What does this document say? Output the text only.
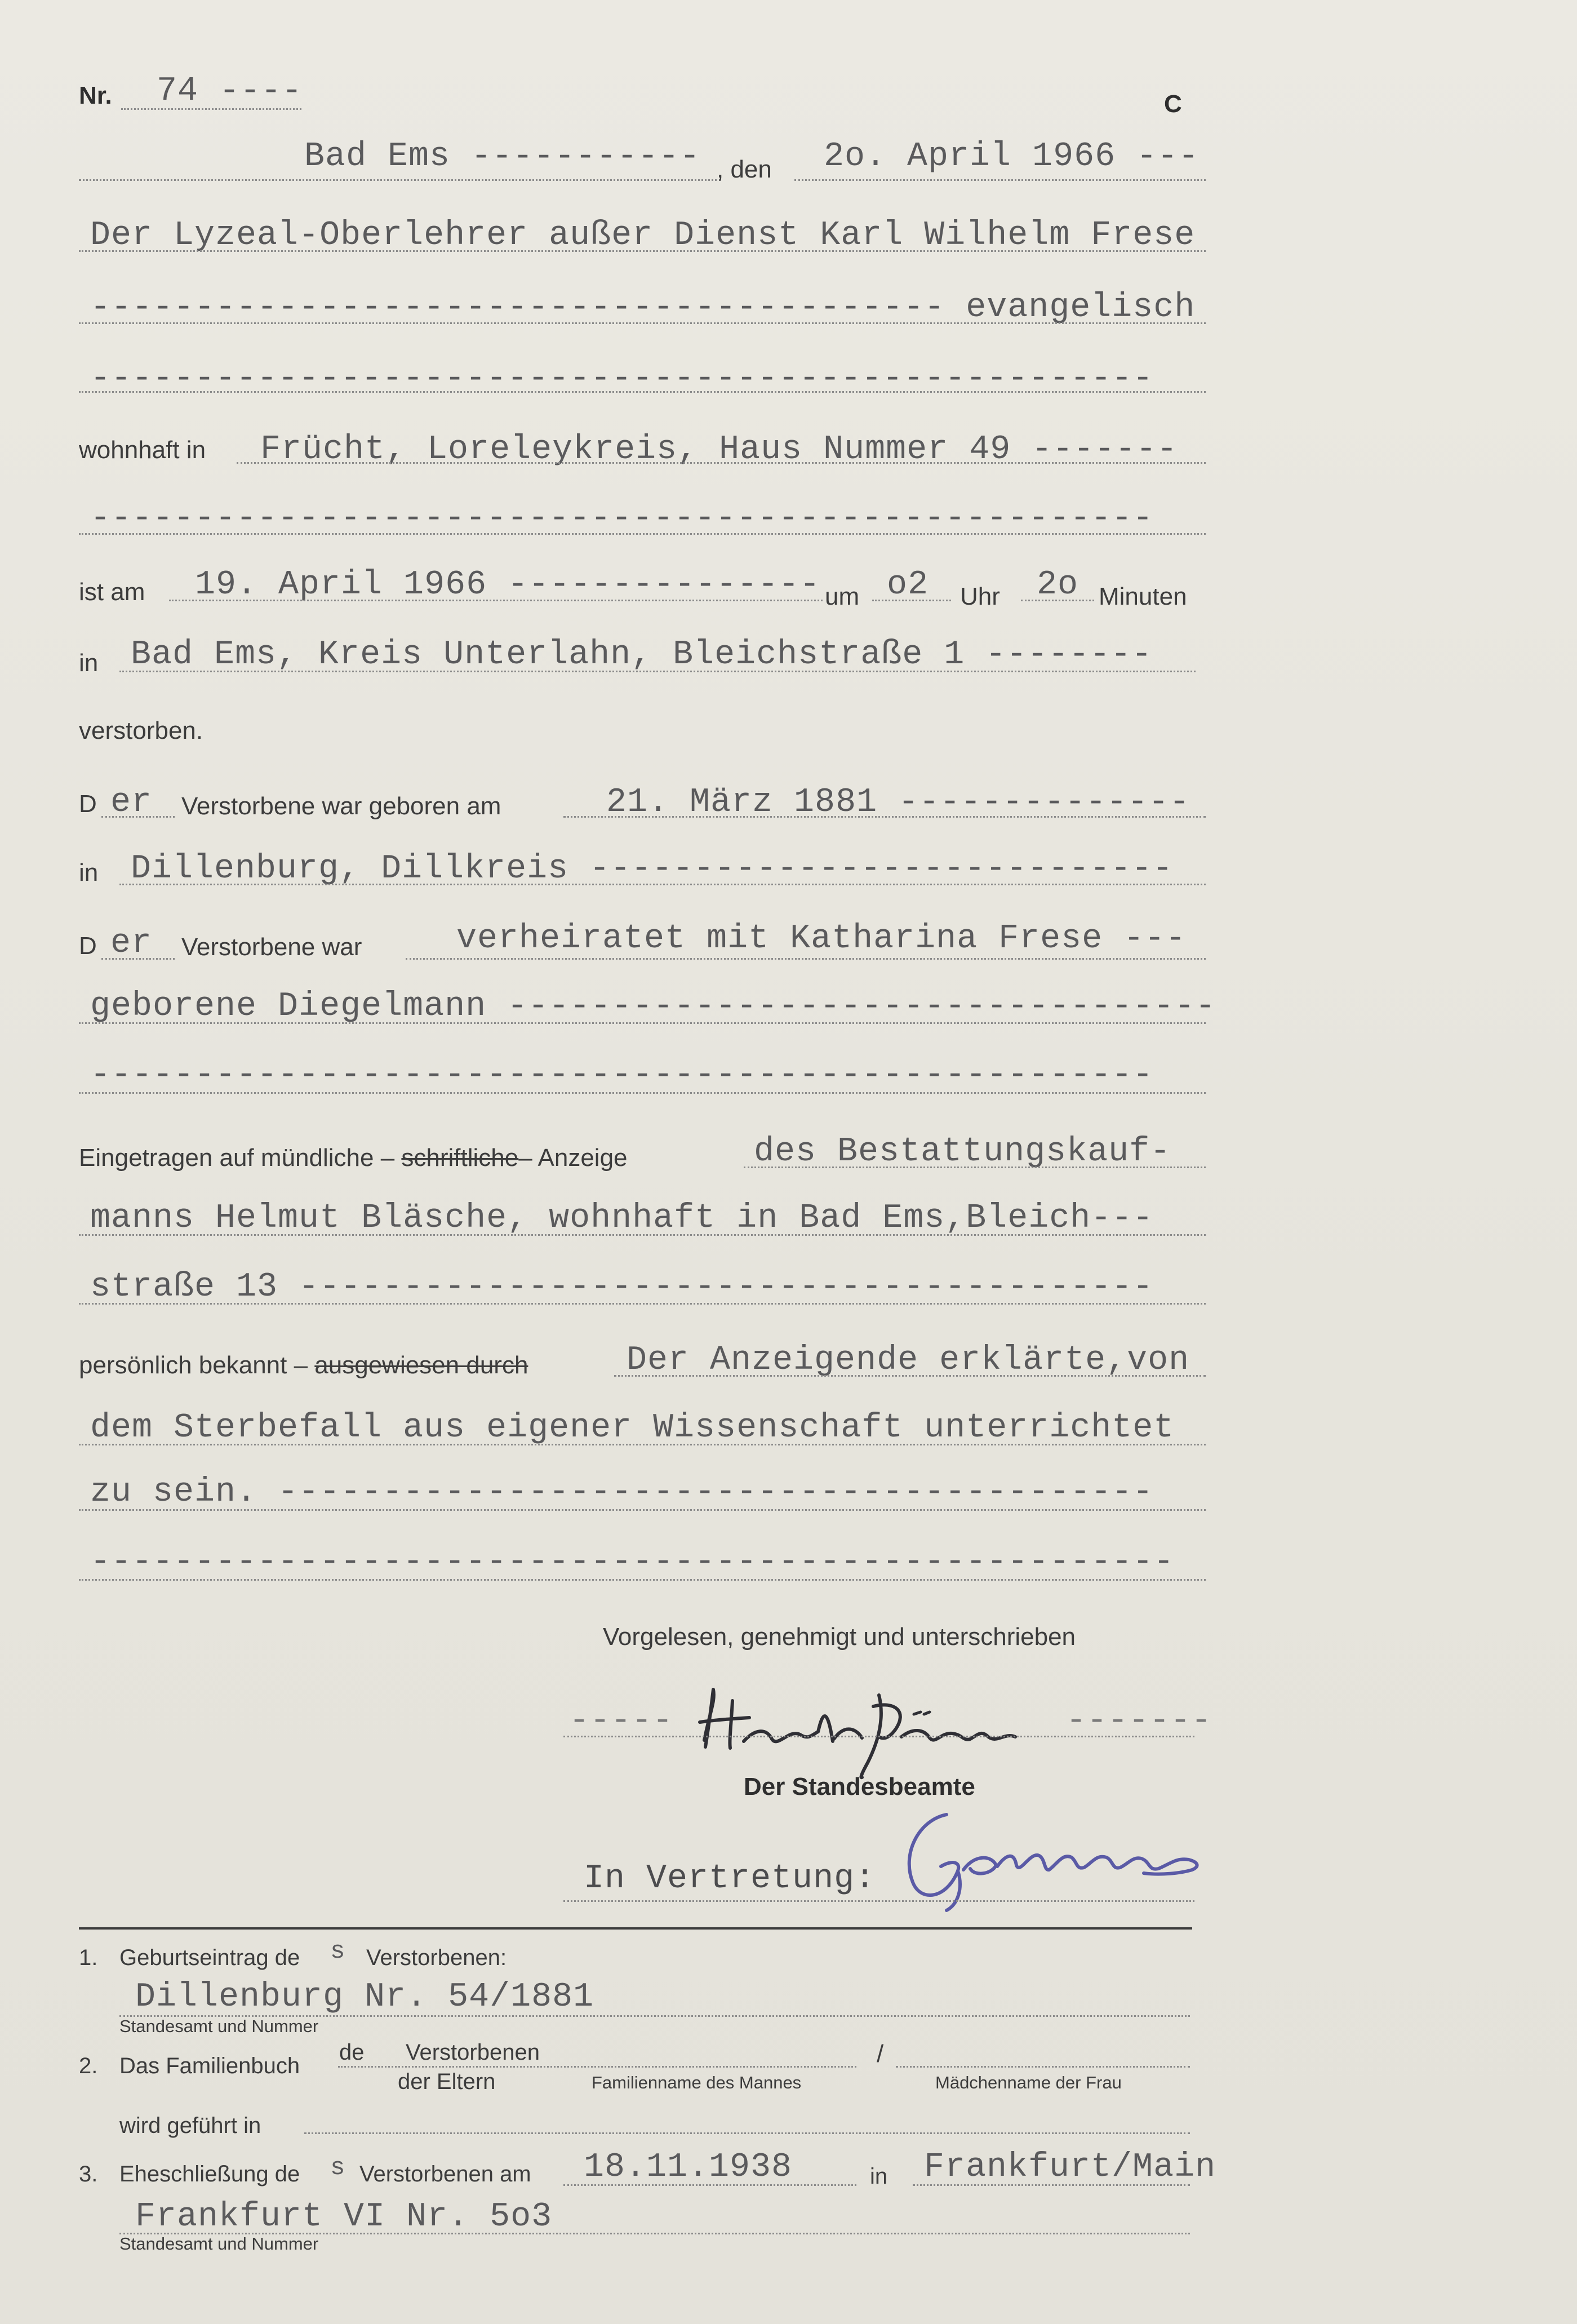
Nr. 74 ----	C
Bad Ems ----------- , den 2o. April 1966 ---
Der Lyzeal-Oberlehrer außer Dienst Karl Wilhelm Frese
----------------------------------------- evangelisch
---------------------------------------------------
wohnhaft in Frücht, Loreleykreis, Haus Nummer 49 -------
---------------------------------------------------
ist am 19. April 1966 --------------- um o2 Uhr 2o Minuten
in Bad Ems, Kreis Unterlahn, Bleichstraße 1 --------
verstorben.
D er Verstorbene war geboren am	21. März 1881 --------------
in Dillenburg, Dillkreis ----------------------------
D er Verstorbene war	verheiratet mit Katharina Frese ---
geborene Diegelmann ----------------------------------
---------------------------------------------------
Eingetragen auf mündliche – schriftliche– Anzeige	des Bestattungskauf-
manns Helmut Bläsche, wohnhaft in Bad Ems,Bleich---
straße 13 -----------------------------------------
persönlich bekannt – ausgewiesen durch	Der Anzeigende erklärte,von
dem Sterbefall aus eigener Wissenschaft unterrichtet
zu sein. ------------------------------------------
----------------------------------------------------
Vorgelesen, genehmigt und unterschrieben
-----	-------
Der Standesbeamte
In Vertretung:
1. Geburtseintrag de s Verstorbenen:
Dillenburg Nr. 54/1881
Standesamt und Nummer
2. Das Familienbuch
de Verstorbenen	/
der Eltern	Familienname des Mannes	Mädchenname der Frau
wird geführt in
3. Eheschließung de s Verstorbenen am 18.11.1938	in Frankfurt/Main
Frankfurt VI Nr. 5o3
Standesamt und Nummer
